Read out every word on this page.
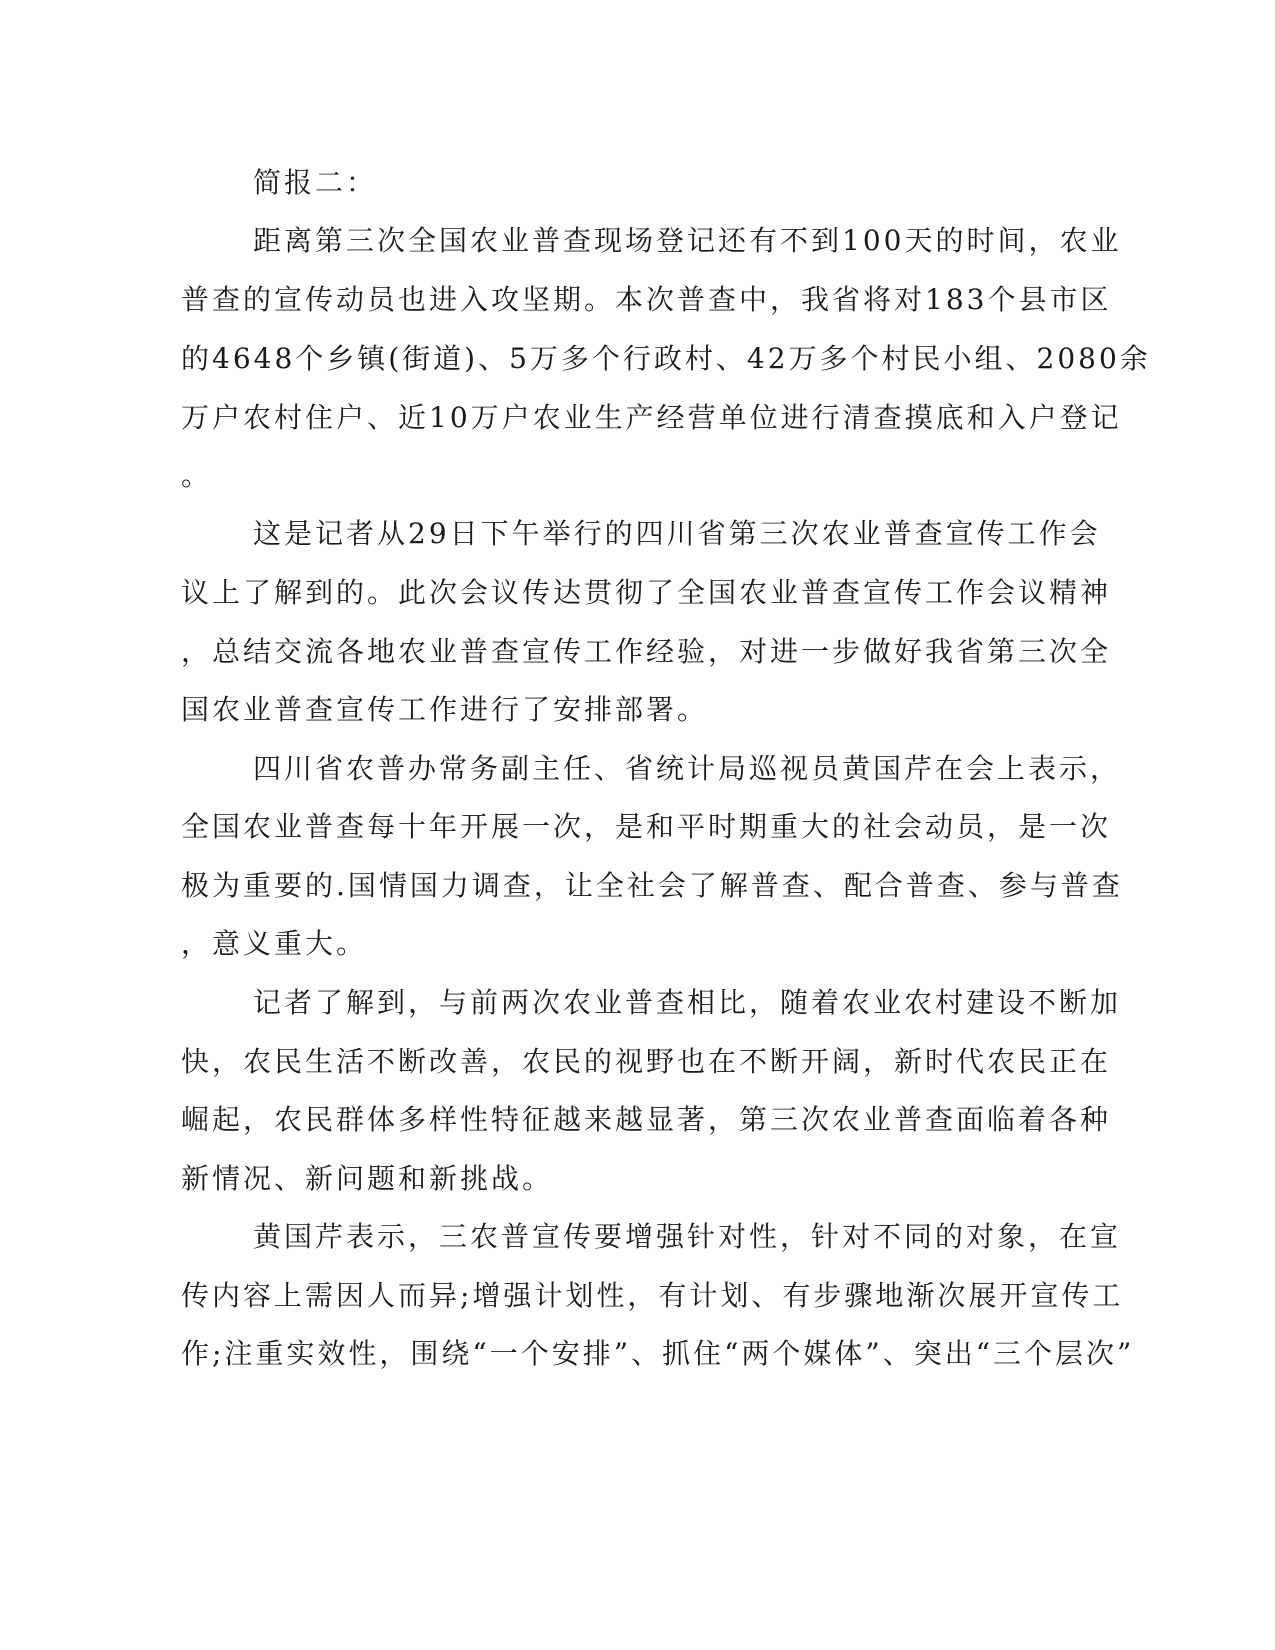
简报二：
距离第三次全国农业普查现场登记还有不到100天的时间，农业
普查的宣传动员也进入攻坚期。本次普查中，我省将对183个县市区
的4648个乡镇(街道)、5万多个行政村、42万多个村民小组、2080余
万户农村住户、近10万户农业生产经营单位进行清查摸底和入户登记
。
这是记者从29日下午举行的四川省第三次农业普查宣传工作会
议上了解到的。此次会议传达贯彻了全国农业普查宣传工作会议精神
，总结交流各地农业普查宣传工作经验，对进一步做好我省第三次全
国农业普查宣传工作进行了安排部署。
四川省农普办常务副主任、省统计局巡视员黄国芹在会上表示，
全国农业普查每十年开展一次，是和平时期重大的社会动员，是一次
极为重要的.国情国力调查，让全社会了解普查、配合普查、参与普查
，意义重大。
记者了解到，与前两次农业普查相比，随着农业农村建设不断加
快，农民生活不断改善，农民的视野也在不断开阔，新时代农民正在
崛起，农民群体多样性特征越来越显著，第三次农业普查面临着各种
新情况、新问题和新挑战。
黄国芹表示，三农普宣传要增强针对性，针对不同的对象，在宣
传内容上需因人而异;增强计划性，有计划、有步骤地渐次展开宣传工
作;注重实效性，围绕“一个安排”、抓住“两个媒体”、突出“三个层次”
